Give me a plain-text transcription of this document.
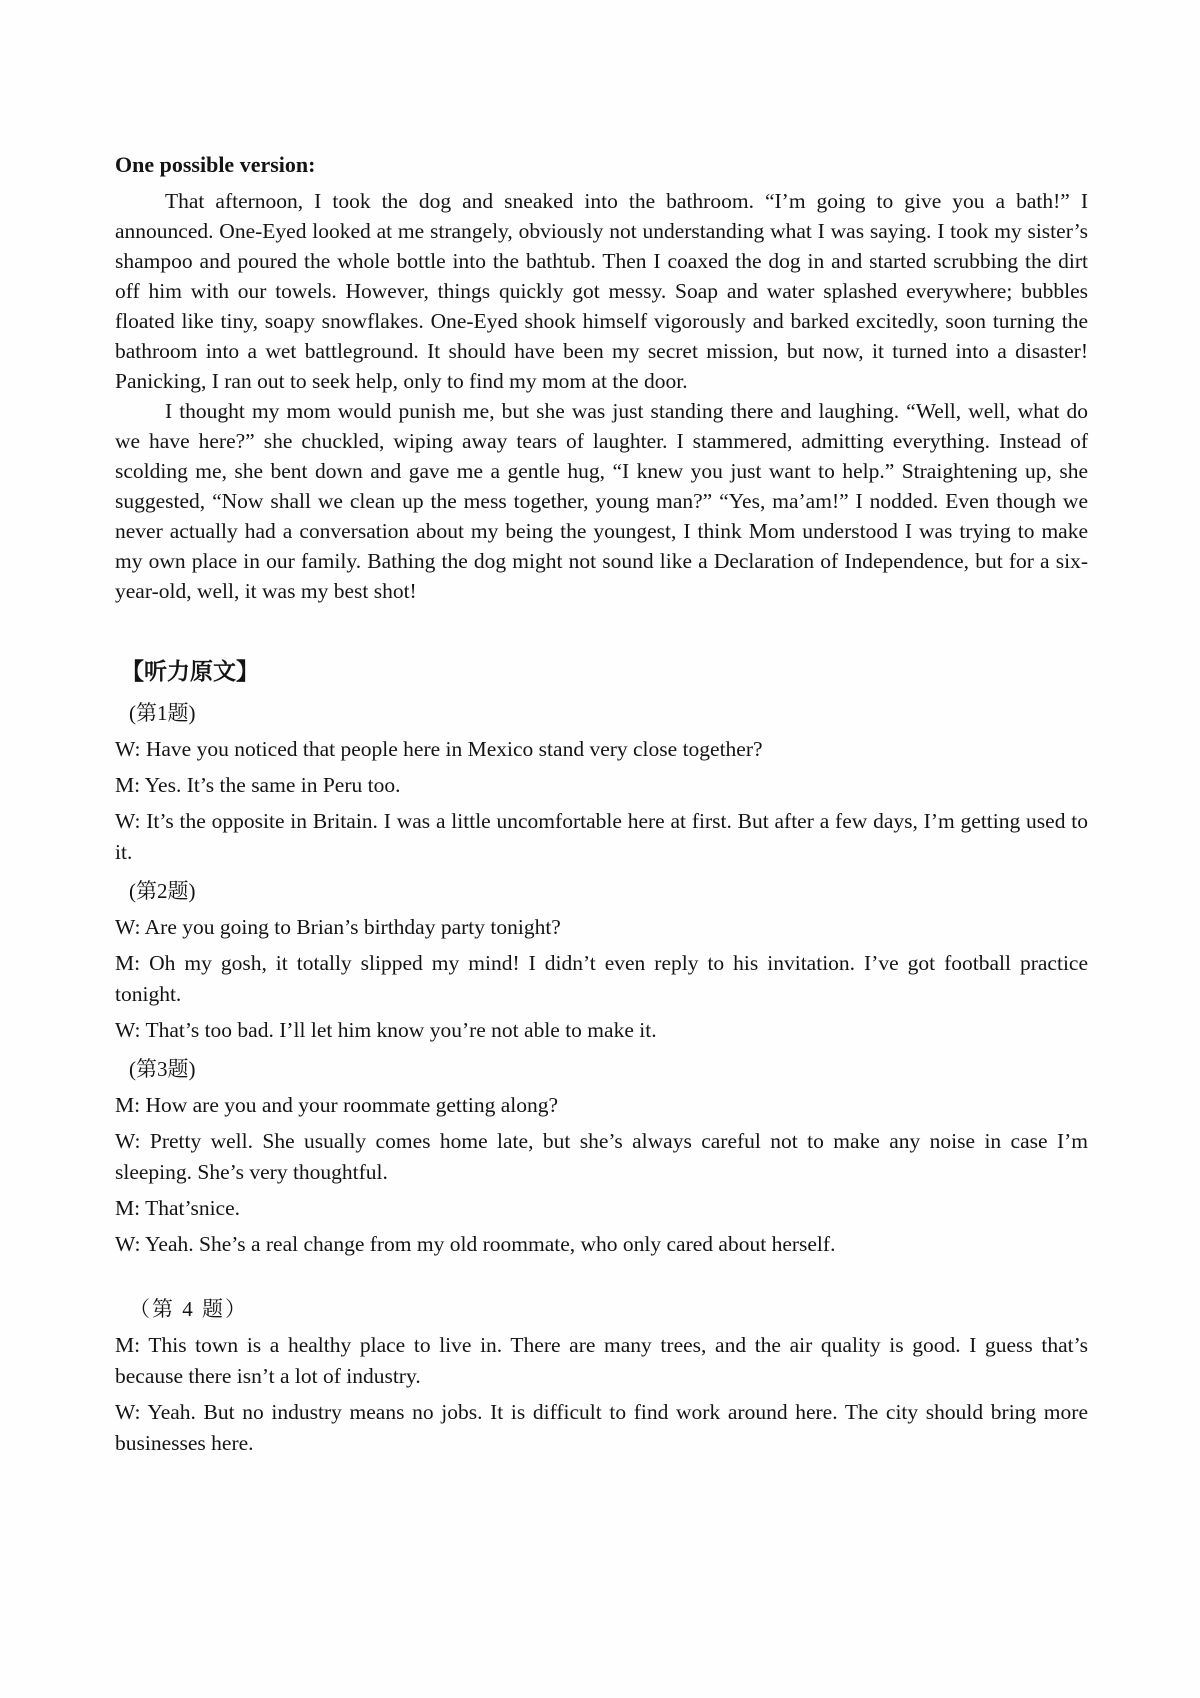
One possible version:

That afternoon, I took the dog and sneaked into the bathroom. “I’m going to give you a bath!” I announced. One-Eyed looked at me strangely, obviously not understanding what I was saying. I took my sister’s shampoo and poured the whole bottle into the bathtub. Then I coaxed the dog in and started scrubbing the dirt off him with our towels. However, things quickly got messy. Soap and water splashed everywhere; bubbles floated like tiny, soapy snowflakes. One-Eyed shook himself vigorously and barked excitedly, soon turning the bathroom into a wet battleground. It should have been my secret mission, but now, it turned into a disaster! Panicking, I ran out to seek help, only to find my mom at the door.

I thought my mom would punish me, but she was just standing there and laughing. “Well, well, what do we have here?” she chuckled, wiping away tears of laughter. I stammered, admitting everything. Instead of scolding me, she bent down and gave me a gentle hug, “I knew you just want to help.” Straightening up, she suggested, “Now shall we clean up the mess together, young man?” “Yes, ma’am!” I nodded. Even though we never actually had a conversation about my being the youngest, I think Mom understood I was trying to make my own place in our family. Bathing the dog might not sound like a Declaration of Independence, but for a six-year-old, well, it was my best shot!

【听力原文】

(第1题)

W: Have you noticed that people here in Mexico stand very close together?

M: Yes. It’s the same in Peru too.

W: It’s the opposite in Britain. I was a little uncomfortable here at first. But after a few days, I’m getting used to it.

(第2题)

W: Are you going to Brian’s birthday party tonight?

M: Oh my gosh, it totally slipped my mind! I didn’t even reply to his invitation. I’ve got football practice tonight.

W: That’s too bad. I’ll let him know you’re not able to make it.

(第3题)

M: How are you and your roommate getting along?

W: Pretty well. She usually comes home late, but she’s always careful not to make any noise in case I’m sleeping. She’s very thoughtful.

M: That’snice.

W: Yeah. She’s a real change from my old roommate, who only cared about herself.

（第 4 题）

M: This town is a healthy place to live in. There are many trees, and the air quality is good. I guess that’s because there isn’t a lot of industry.

W: Yeah. But no industry means no jobs. It is difficult to find work around here. The city should bring more businesses here.
